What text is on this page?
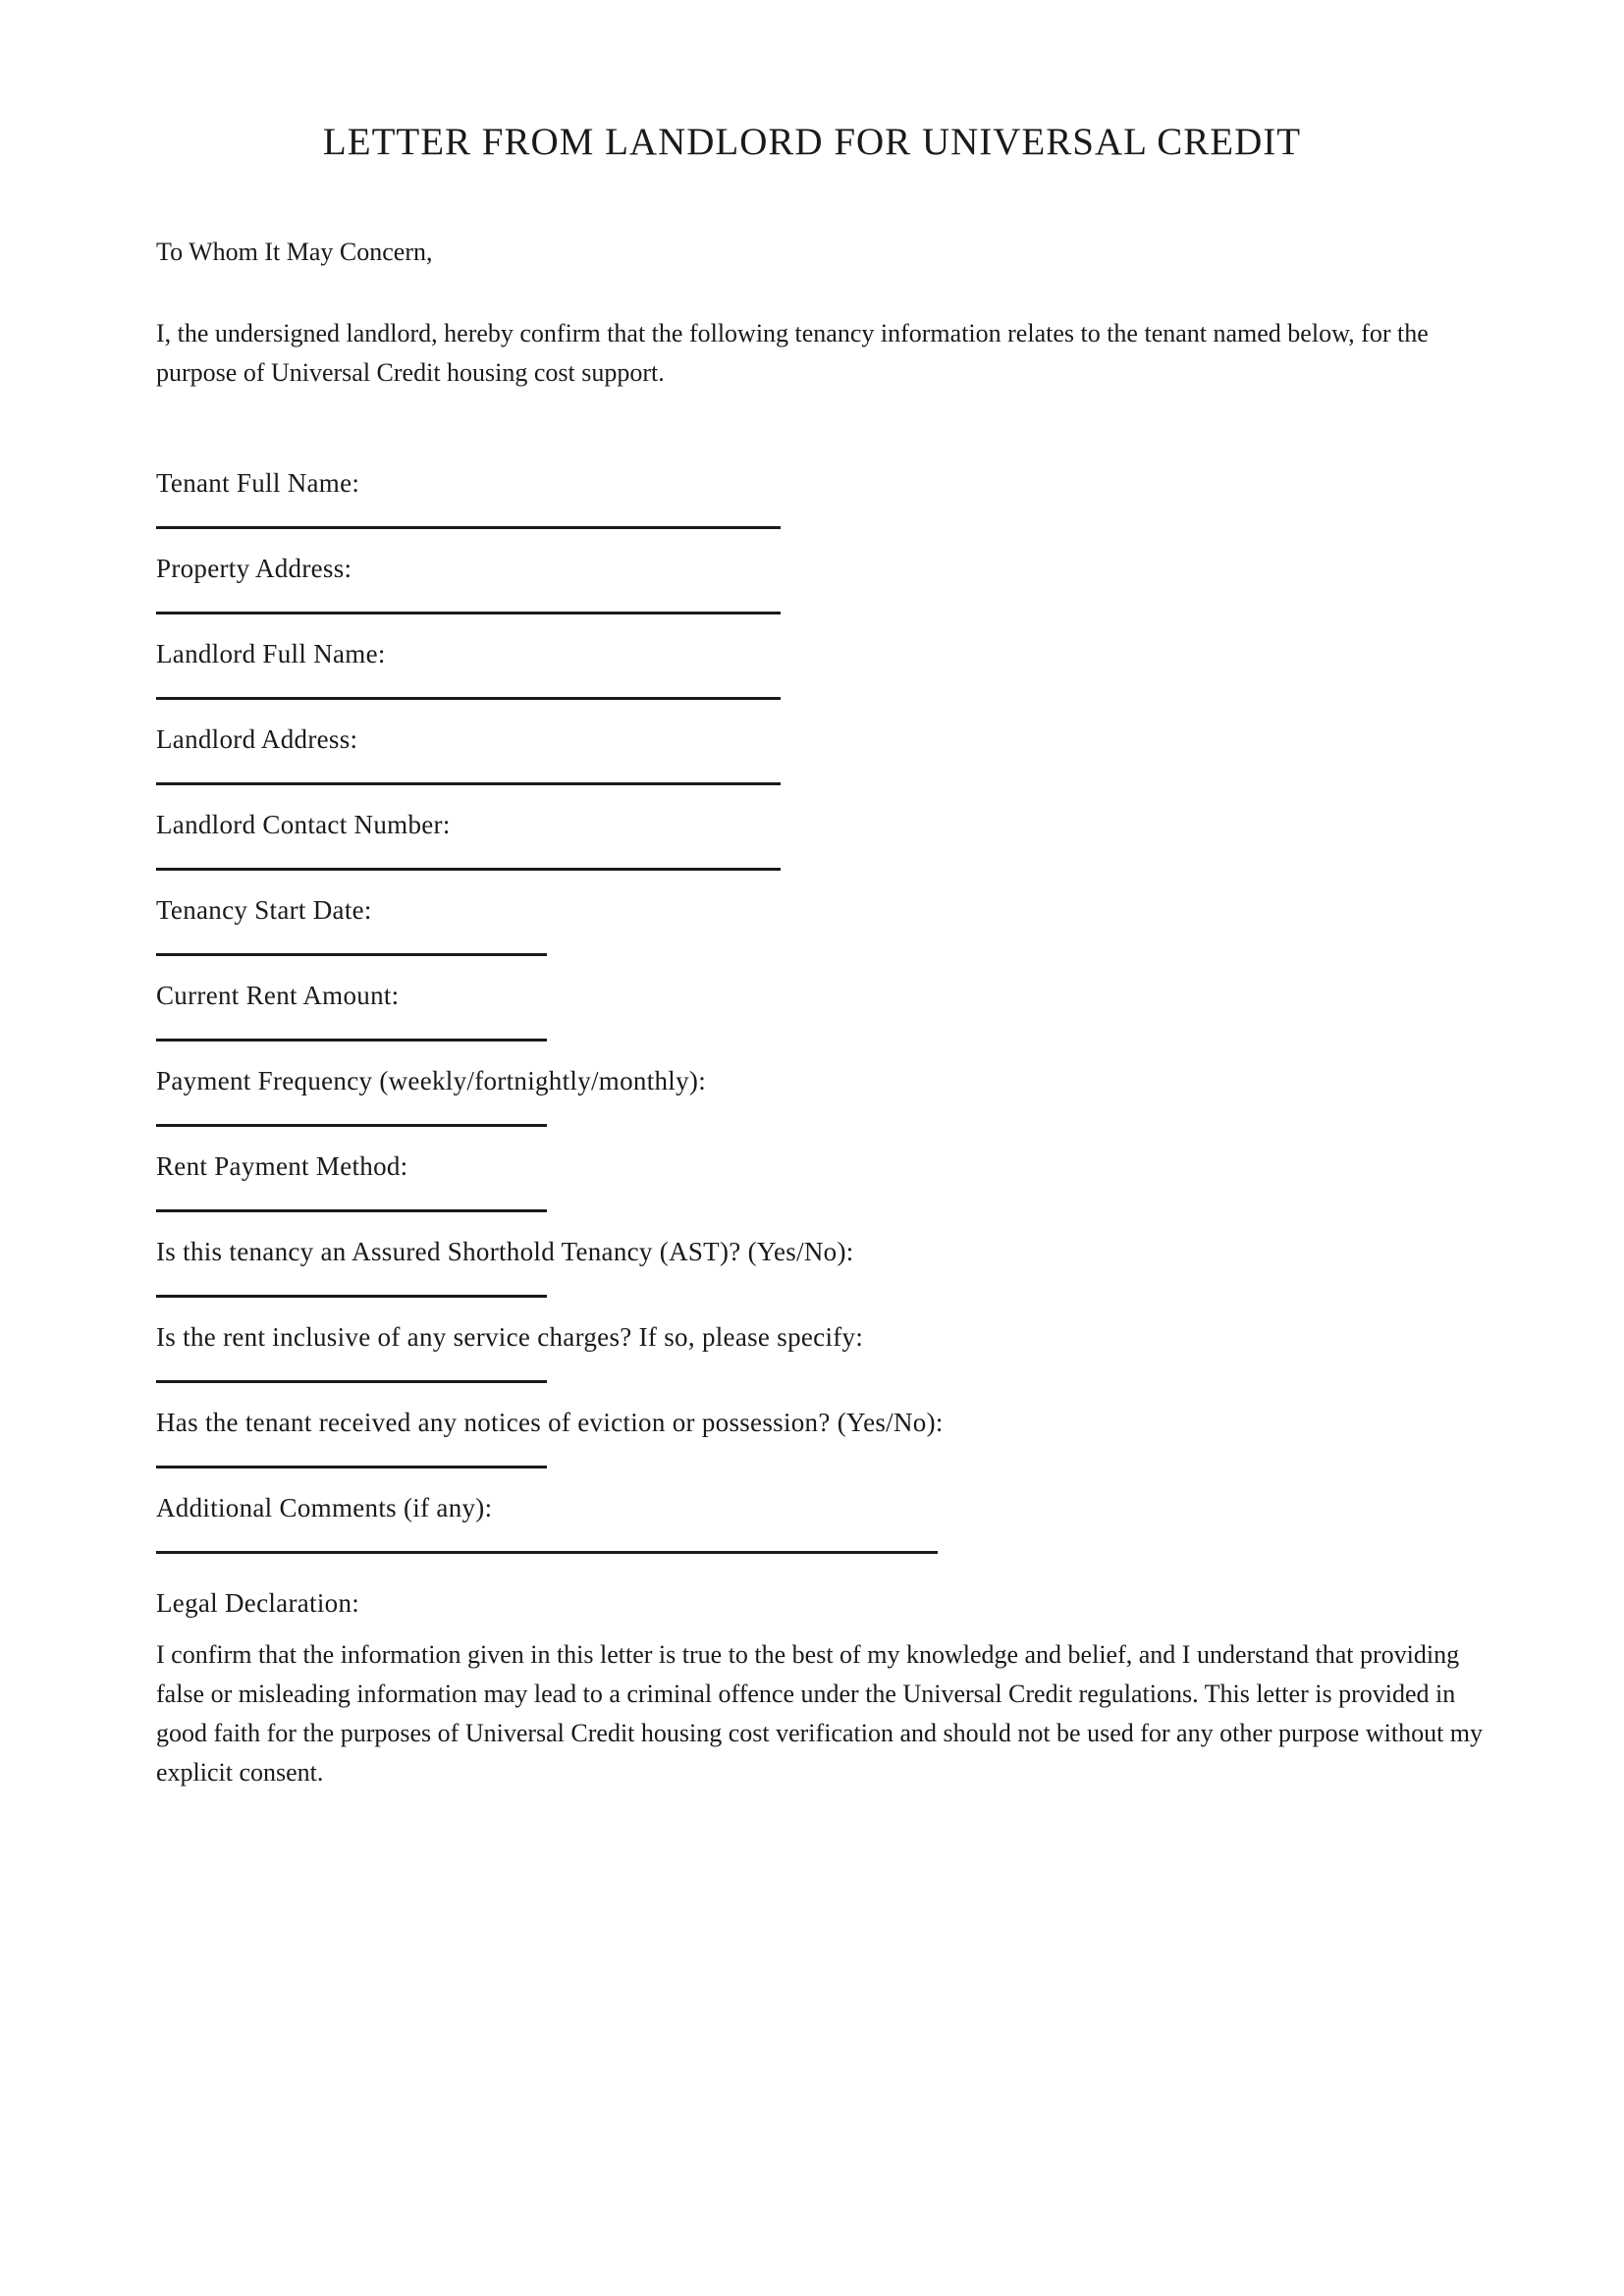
LETTER FROM LANDLORD FOR UNIVERSAL CREDIT

To Whom It May Concern,

I, the undersigned landlord, hereby confirm that the following tenancy information relates to the tenant named below, for the purpose of Universal Credit housing cost support.

Tenant Full Name:

Property Address:

Landlord Full Name:

Landlord Address:

Landlord Contact Number:

Tenancy Start Date:

Current Rent Amount:

Payment Frequency (weekly/fortnightly/monthly):

Rent Payment Method:

Is this tenancy an Assured Shorthold Tenancy (AST)? (Yes/No):

Is the rent inclusive of any service charges? If so, please specify:

Has the tenant received any notices of eviction or possession? (Yes/No):

Additional Comments (if any):

Legal Declaration:

I confirm that the information given in this letter is true to the best of my knowledge and belief, and I understand that providing false or misleading information may lead to a criminal offence under the Universal Credit regulations. This letter is provided in good faith for the purposes of Universal Credit housing cost verification and should not be used for any other purpose without my explicit consent.
